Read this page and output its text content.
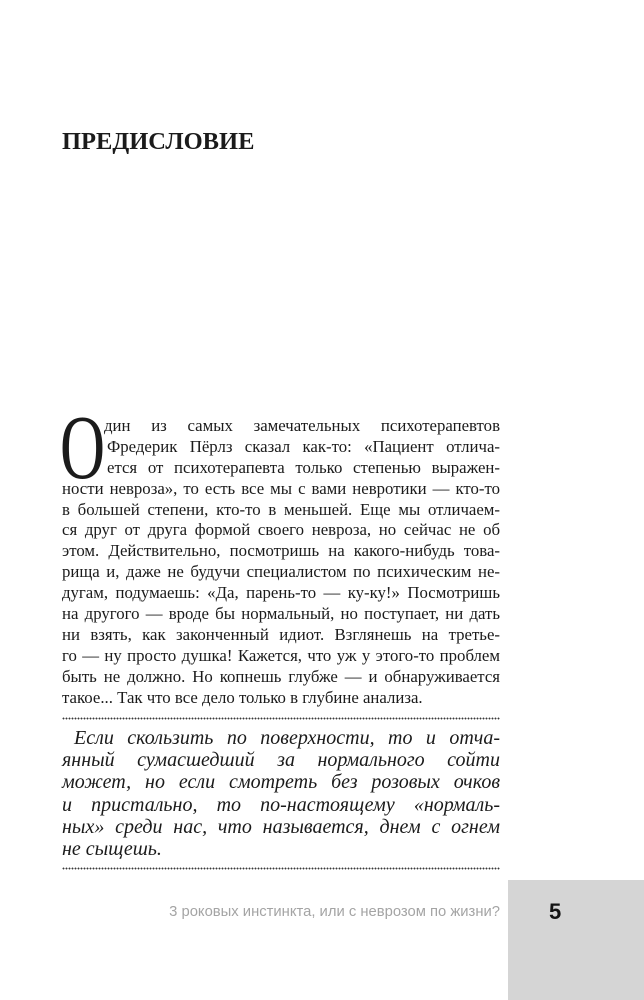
ПРЕДИСЛОВИЕ
О
дин из самых замечательных психотерапевтов
Фредерик Пёрлз сказал как-то: «Пациент отлича-
ется от психотерапевта только степенью выражен-
ности невроза», то есть все мы с вами невротики — кто-то
в большей степени, кто-то в меньшей. Еще мы отличаем-
ся друг от друга формой своего невроза, но сейчас не об
этом. Действительно, посмотришь на какого-нибудь това-
рища и, даже не будучи специалистом по психическим не-
дугам, подумаешь: «Да, парень-то — ку-ку!» Посмотришь
на другого — вроде бы нормальный, но поступает, ни дать
ни взять, как законченный идиот. Взглянешь на третье-
го — ну просто душка! Кажется, что уж у этого-то проблем
быть не должно. Но копнешь глубже — и обнаруживается
такое... Так что все дело только в глубине анализа.
Если скользить по поверхности, то и отча-
янный сумасшедший за нормального сойти
может, но если смотреть без розовых очков
и пристально, то по-настоящему «нормаль-
ных» среди нас, что называется, днем с огнем
не сыщешь.
3 роковых инстинкта, или с неврозом по жизни? 5
